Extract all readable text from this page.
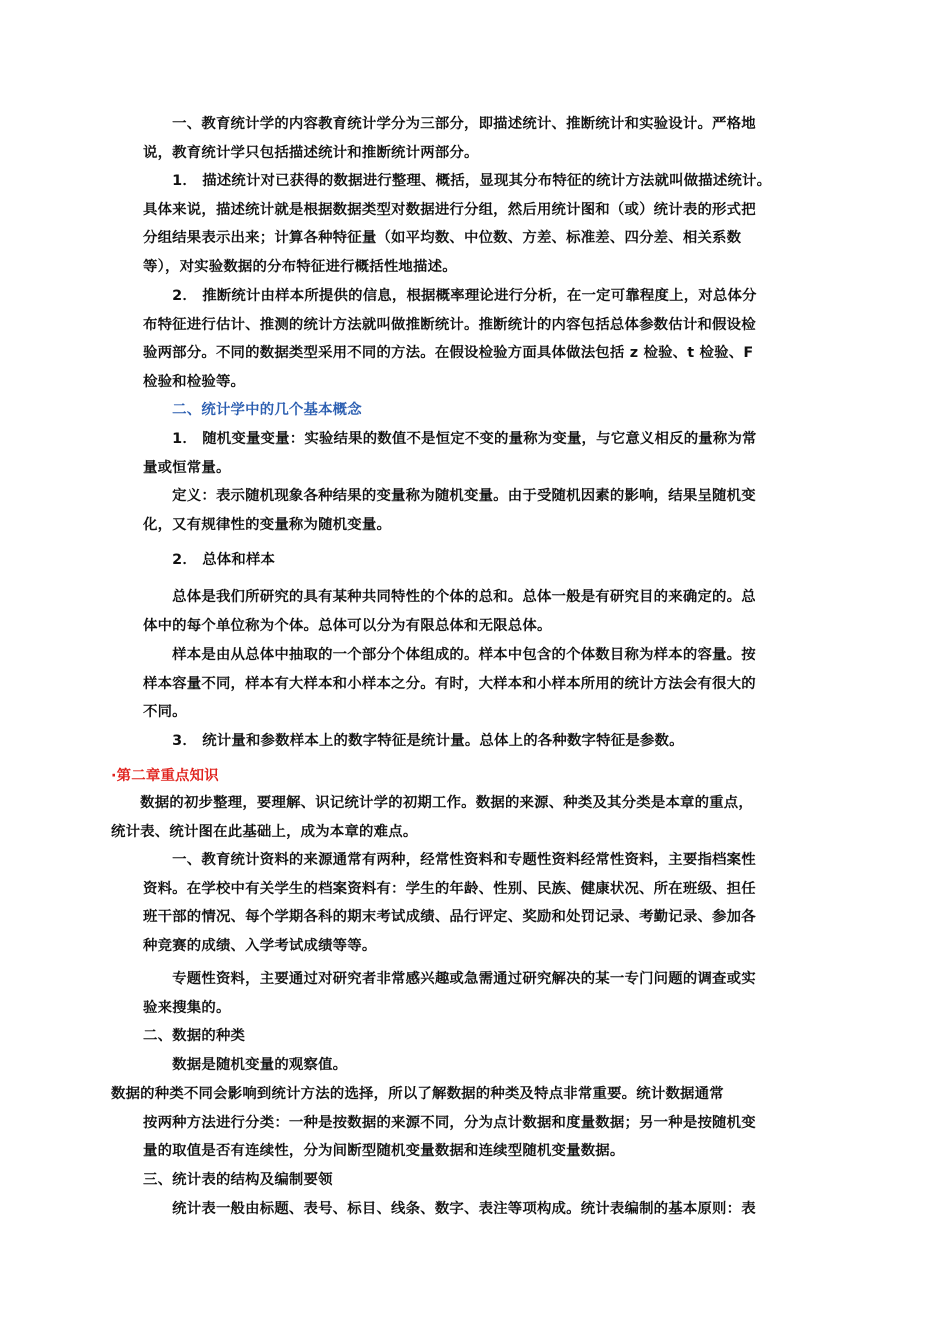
　　一、教育统计学的内容教育统计学分为三部分，即描述统计、推断统计和实验设计。严格地
说，教育统计学只包括描述统计和推断统计两部分。
　　1． 描述统计对已获得的数据进行整理、概括，显现其分布特征的统计方法就叫做描述统计。
具体来说，描述统计就是根据数据类型对数据进行分组，然后用统计图和（或）统计表的形式把
分组结果表示出来；计算各种特征量（如平均数、中位数、方差、标准差、四分差、相关系数
等），对实验数据的分布特征进行概括性地描述。
　　2． 推断统计由样本所提供的信息，根据概率理论进行分析，在一定可靠程度上，对总体分
布特征进行估计、推测的统计方法就叫做推断统计。推断统计的内容包括总体参数估计和假设检
验两部分。不同的数据类型采用不同的方法。在假设检验方面具体做法包括 z 检验、t 检验、F
检验和检验等。
　　二、统计学中的几个基本概念
　　1． 随机变量变量：实验结果的数值不是恒定不变的量称为变量，与它意义相反的量称为常
量或恒常量。
　　定义：表示随机现象各种结果的变量称为随机变量。由于受随机因素的影响，结果呈随机变
化，又有规律性的变量称为随机变量。
　　2． 总体和样本
　　总体是我们所研究的具有某种共同特性的个体的总和。总体一般是有研究目的来确定的。总
体中的每个单位称为个体。总体可以分为有限总体和无限总体。
　　样本是由从总体中抽取的一个部分个体组成的。样本中包含的个体数目称为样本的容量。按
样本容量不同，样本有大样本和小样本之分。有时，大样本和小样本所用的统计方法会有很大的
不同。
　　3． 统计量和参数样本上的数字特征是统计量。总体上的各种数字特征是参数。
·第二章重点知识
　　数据的初步整理，要理解、识记统计学的初期工作。数据的来源、种类及其分类是本章的重点，
统计表、统计图在此基础上，成为本章的难点。
　　一、教育统计资料的来源通常有两种，经常性资料和专题性资料经常性资料，主要指档案性
资料。在学校中有关学生的档案资料有：学生的年龄、性别、民族、健康状况、所在班级、担任
班干部的情况、每个学期各科的期末考试成绩、品行评定、奖励和处罚记录、考勤记录、参加各
种竞赛的成绩、入学考试成绩等等。
　　专题性资料，主要通过对研究者非常感兴趣或急需通过研究解决的某一专门问题的调查或实
验来搜集的。
二、数据的种类
　　数据是随机变量的观察值。
数据的种类不同会影响到统计方法的选择，所以了解数据的种类及特点非常重要。统计数据通常
按两种方法进行分类：一种是按数据的来源不同，分为点计数据和度量数据；另一种是按随机变
量的取值是否有连续性，分为间断型随机变量数据和连续型随机变量数据。
三、统计表的结构及编制要领
　　统计表一般由标题、表号、标目、线条、数字、表注等项构成。统计表编制的基本原则：表
